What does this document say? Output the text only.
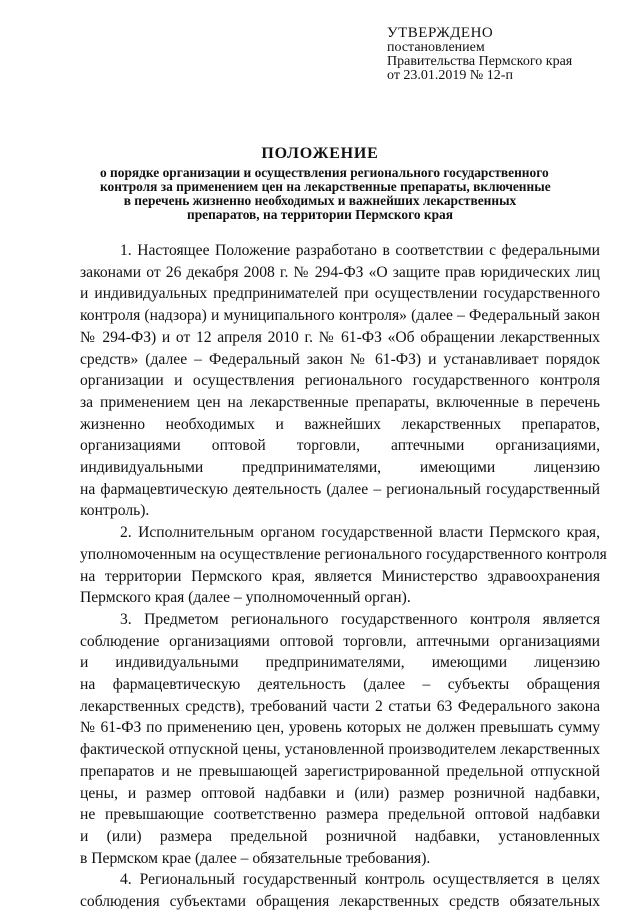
УТВЕРЖДЕНО
постановлением
Правительства Пермского края
от 23.01.2019 № 12-п
ПОЛОЖЕНИЕ
о порядке организации и осуществления регионального государственного
контроля за применением цен на лекарственные препараты, включенные
в перечень жизненно необходимых и важнейших лекарственных
препаратов, на территории Пермского края
1. Настоящее Положение разработано в соответствии с федеральными
законами от 26 декабря 2008 г. № 294-ФЗ «О защите прав юридических лиц
и индивидуальных предпринимателей при осуществлении государственного
контроля (надзора) и муниципального контроля» (далее – Федеральный закон
№ 294-ФЗ) и от 12 апреля 2010 г. № 61-ФЗ «Об обращении лекарственных
средств» (далее – Федеральный закон № 61-ФЗ) и устанавливает порядок
организации и осуществления регионального государственного контроля
за применением цен на лекарственные препараты, включенные в перечень
жизненно необходимых и важнейших лекарственных препаратов,
организациями оптовой торговли, аптечными организациями,
индивидуальными предпринимателями, имеющими лицензию
на фармацевтическую деятельность (далее – региональный государственный
контроль).
2. Исполнительным органом государственной власти Пермского края,
уполномоченным на осуществление регионального государственного контроля
на территории Пермского края, является Министерство здравоохранения
Пермского края (далее – уполномоченный орган).
3. Предметом регионального государственного контроля является
соблюдение организациями оптовой торговли, аптечными организациями
и индивидуальными предпринимателями, имеющими лицензию
на фармацевтическую деятельность (далее – субъекты обращения
лекарственных средств), требований части 2 статьи 63 Федерального закона
№ 61-ФЗ по применению цен, уровень которых не должен превышать сумму
фактической отпускной цены, установленной производителем лекарственных
препаратов и не превышающей зарегистрированной предельной отпускной
цены, и размер оптовой надбавки и (или) размер розничной надбавки,
не превышающие соответственно размера предельной оптовой надбавки
и (или) размера предельной розничной надбавки, установленных
в Пермском крае (далее – обязательные требования).
4. Региональный государственный контроль осуществляется в целях
соблюдения субъектами обращения лекарственных средств обязательных
